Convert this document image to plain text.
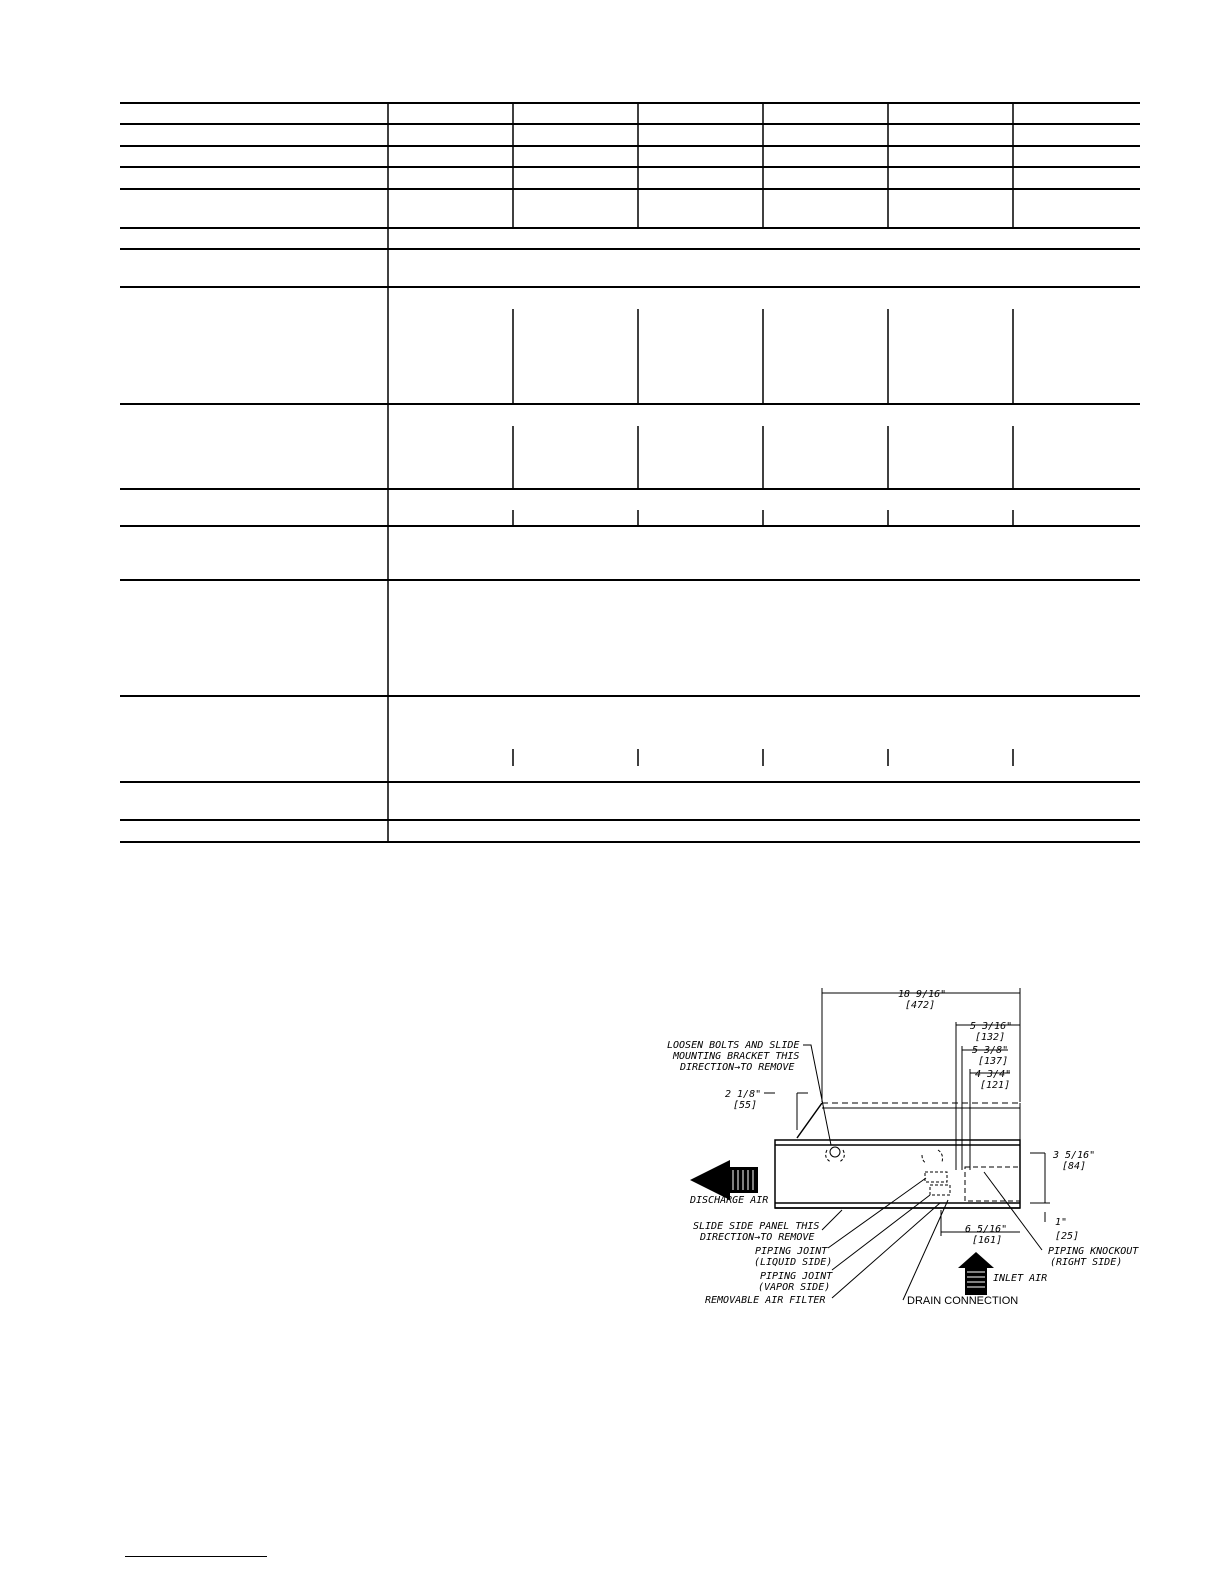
18 9/16"
[472]
5 3/16"
[132]
5 3/8"
[137]
4 3/4"
[121]
2 1/8"
[55]
3 5/16"
[84]
1"
[25]
6 5/16"
[161]
LOOSEN BOLTS AND SLIDE
MOUNTING BRACKET THIS
DIRECTION→TO REMOVE
DISCHARGE AIR
SLIDE SIDE PANEL THIS
DIRECTION→TO REMOVE
PIPING JOINT
(LIQUID SIDE)
PIPING JOINT
(VAPOR SIDE)
REMOVABLE AIR FILTER
INLET AIR
PIPING KNOCKOUT
(RIGHT SIDE)
DRAIN CONNECTION
